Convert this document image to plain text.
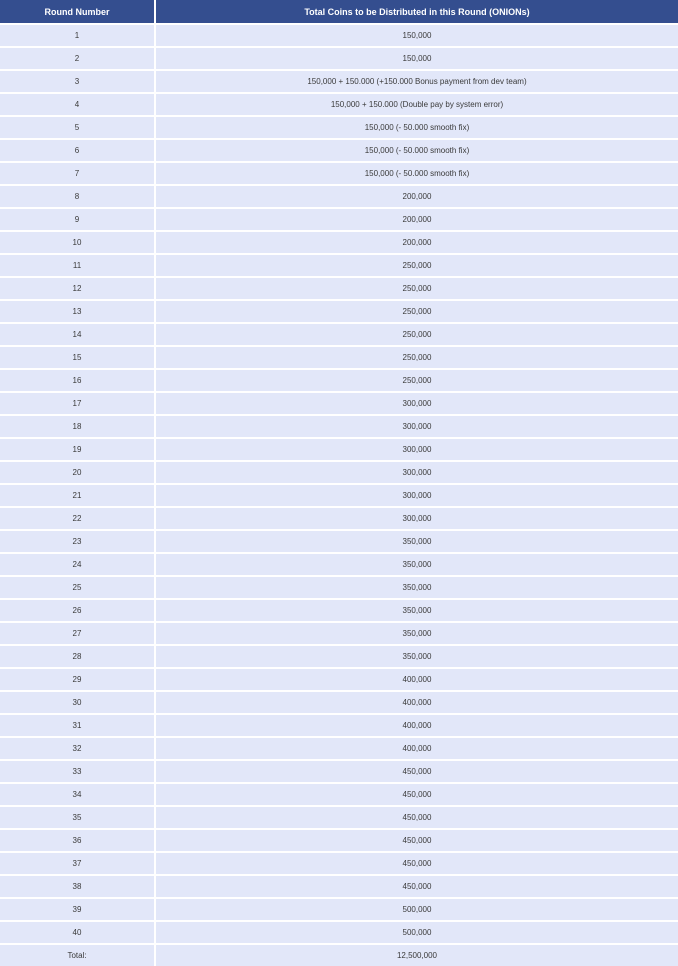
Round Number	Total Coins to be Distributed in this Round (ONIONs)
1	150,000
2	150,000
3	150,000 + 150.000 (+150.000 Bonus payment from dev team)
4	150,000 + 150.000 (Double pay by system error)
5	150,000 (- 50.000 smooth fix)
6	150,000 (- 50.000 smooth fix)
7	150,000 (- 50.000 smooth fix)
8	200,000
9	200,000
10	200,000
11	250,000
12	250,000
13	250,000
14	250,000
15	250,000
16	250,000
17	300,000
18	300,000
19	300,000
20	300,000
21	300,000
22	300,000
23	350,000
24	350,000
25	350,000
26	350,000
27	350,000
28	350,000
29	400,000
30	400,000
31	400,000
32	400,000
33	450,000
34	450,000
35	450,000
36	450,000
37	450,000
38	450,000
39	500,000
40	500,000
Total:	12,500,000
